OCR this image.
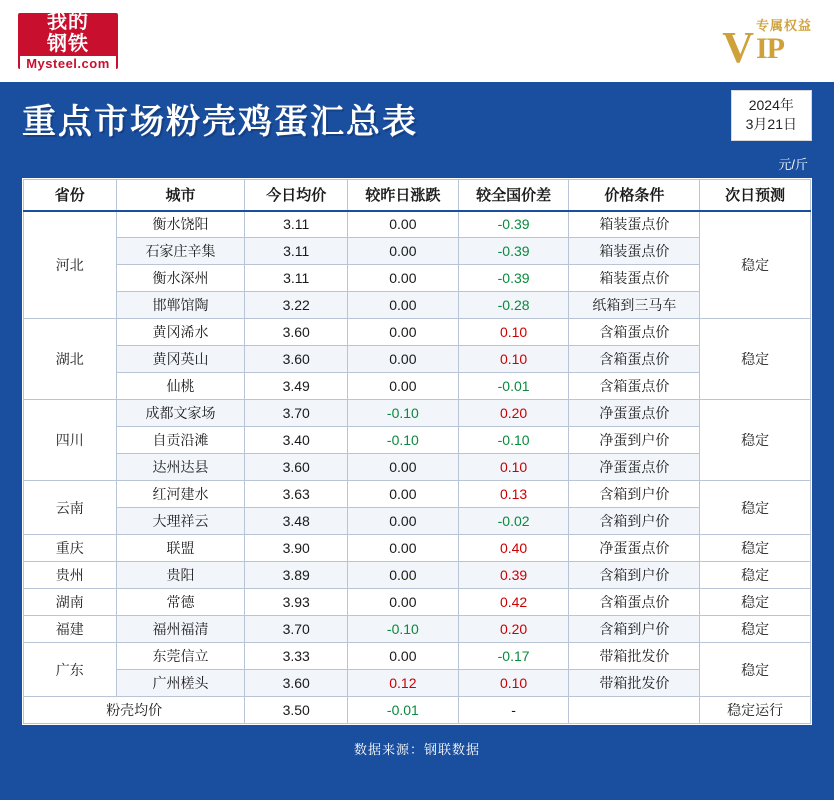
我的
钢铁
Mysteel.com	V 专属权益
IP
重点市场粉壳鸡蛋汇总表	2024年
3月21日
元/斤
省份	城市	今日均价	较昨日涨跌	较全国价差	价格条件	次日预测
河北	衡水饶阳	3.11	0.00	-0.39	箱装蛋点价	稳定
	石家庄辛集	3.11	0.00	-0.39	箱装蛋点价	
	衡水深州	3.11	0.00	-0.39	箱装蛋点价	
	邯郸馆陶	3.22	0.00	-0.28	纸箱到三马车	
湖北	黄冈浠水	3.60	0.00	0.10	含箱蛋点价	稳定
	黄冈英山	3.60	0.00	0.10	含箱蛋点价	
	仙桃	3.49	0.00	-0.01	含箱蛋点价	
四川	成都文家场	3.70	-0.10	0.20	净蛋蛋点价	稳定
	自贡沿滩	3.40	-0.10	-0.10	净蛋到户价	
	达州达县	3.60	0.00	0.10	净蛋蛋点价	
云南	红河建水	3.63	0.00	0.13	含箱到户价	稳定
	大理祥云	3.48	0.00	-0.02	含箱到户价	
重庆	联盟	3.90	0.00	0.40	净蛋蛋点价	稳定
贵州	贵阳	3.89	0.00	0.39	含箱到户价	稳定
湖南	常德	3.93	0.00	0.42	含箱蛋点价	稳定
福建	福州福清	3.70	-0.10	0.20	含箱到户价	稳定
广东	东莞信立	3.33	0.00	-0.17	带箱批发价	稳定
	广州槎头	3.60	0.12	0.10	带箱批发价	
粉壳均价		3.50	-0.01	-		稳定运行
数据来源：钢联数据
